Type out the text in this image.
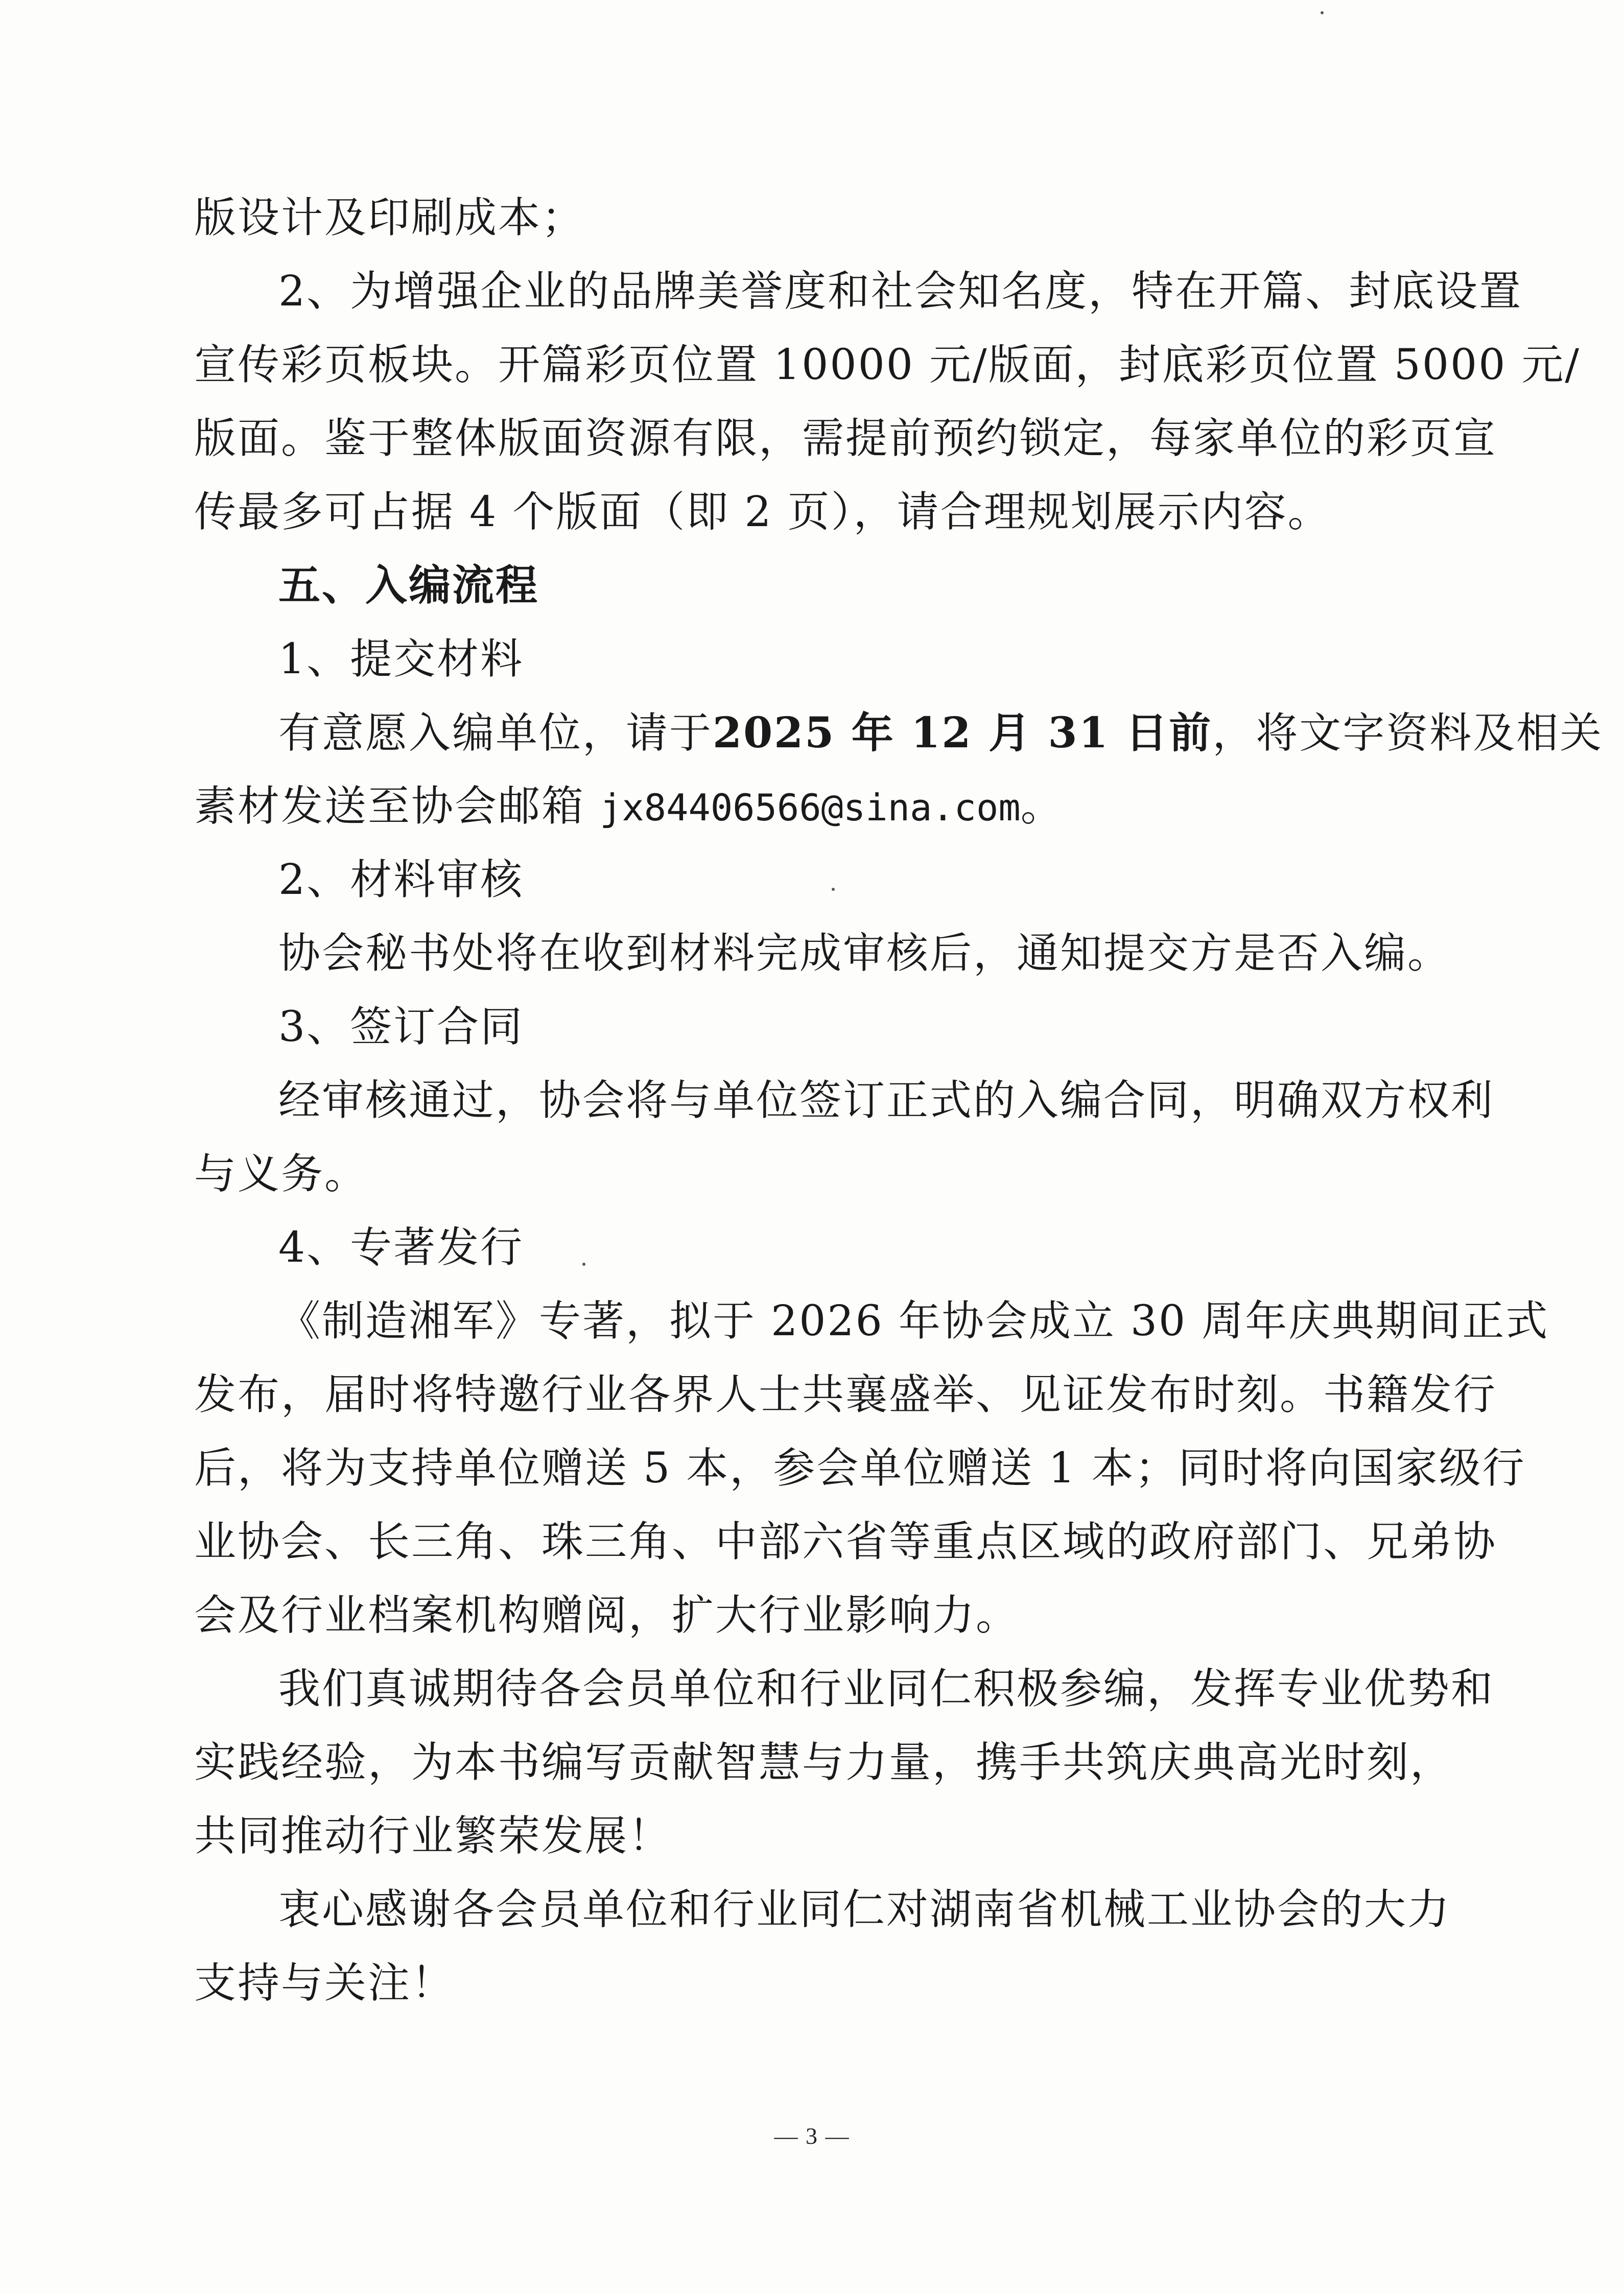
版设计及印刷成本；
2、为增强企业的品牌美誉度和社会知名度，特在开篇、封底设置
宣传彩页板块。开篇彩页位置 10000 元/版面，封底彩页位置 5000 元/
版面。鉴于整体版面资源有限，需提前预约锁定，每家单位的彩页宣
传最多可占据 4 个版面（即 2 页），请合理规划展示内容。
五、入编流程
1、提交材料
有意愿入编单位，请于2025 年 12 月 31 日前，将文字资料及相关
素材发送至协会邮箱 jx84406566@sina.com。
2、材料审核
协会秘书处将在收到材料完成审核后，通知提交方是否入编。
3、签订合同
经审核通过，协会将与单位签订正式的入编合同，明确双方权利
与义务。
4、专著发行
《制造湘军》专著，拟于 2026 年协会成立 30 周年庆典期间正式
发布，届时将特邀行业各界人士共襄盛举、见证发布时刻。书籍发行
后，将为支持单位赠送 5 本，参会单位赠送 1 本；同时将向国家级行
业协会、长三角、珠三角、中部六省等重点区域的政府部门、兄弟协
会及行业档案机构赠阅，扩大行业影响力。
我们真诚期待各会员单位和行业同仁积极参编，发挥专业优势和
实践经验，为本书编写贡献智慧与力量，携手共筑庆典高光时刻，
共同推动行业繁荣发展！
衷心感谢各会员单位和行业同仁对湖南省机械工业协会的大力
支持与关注！
— 3 —
